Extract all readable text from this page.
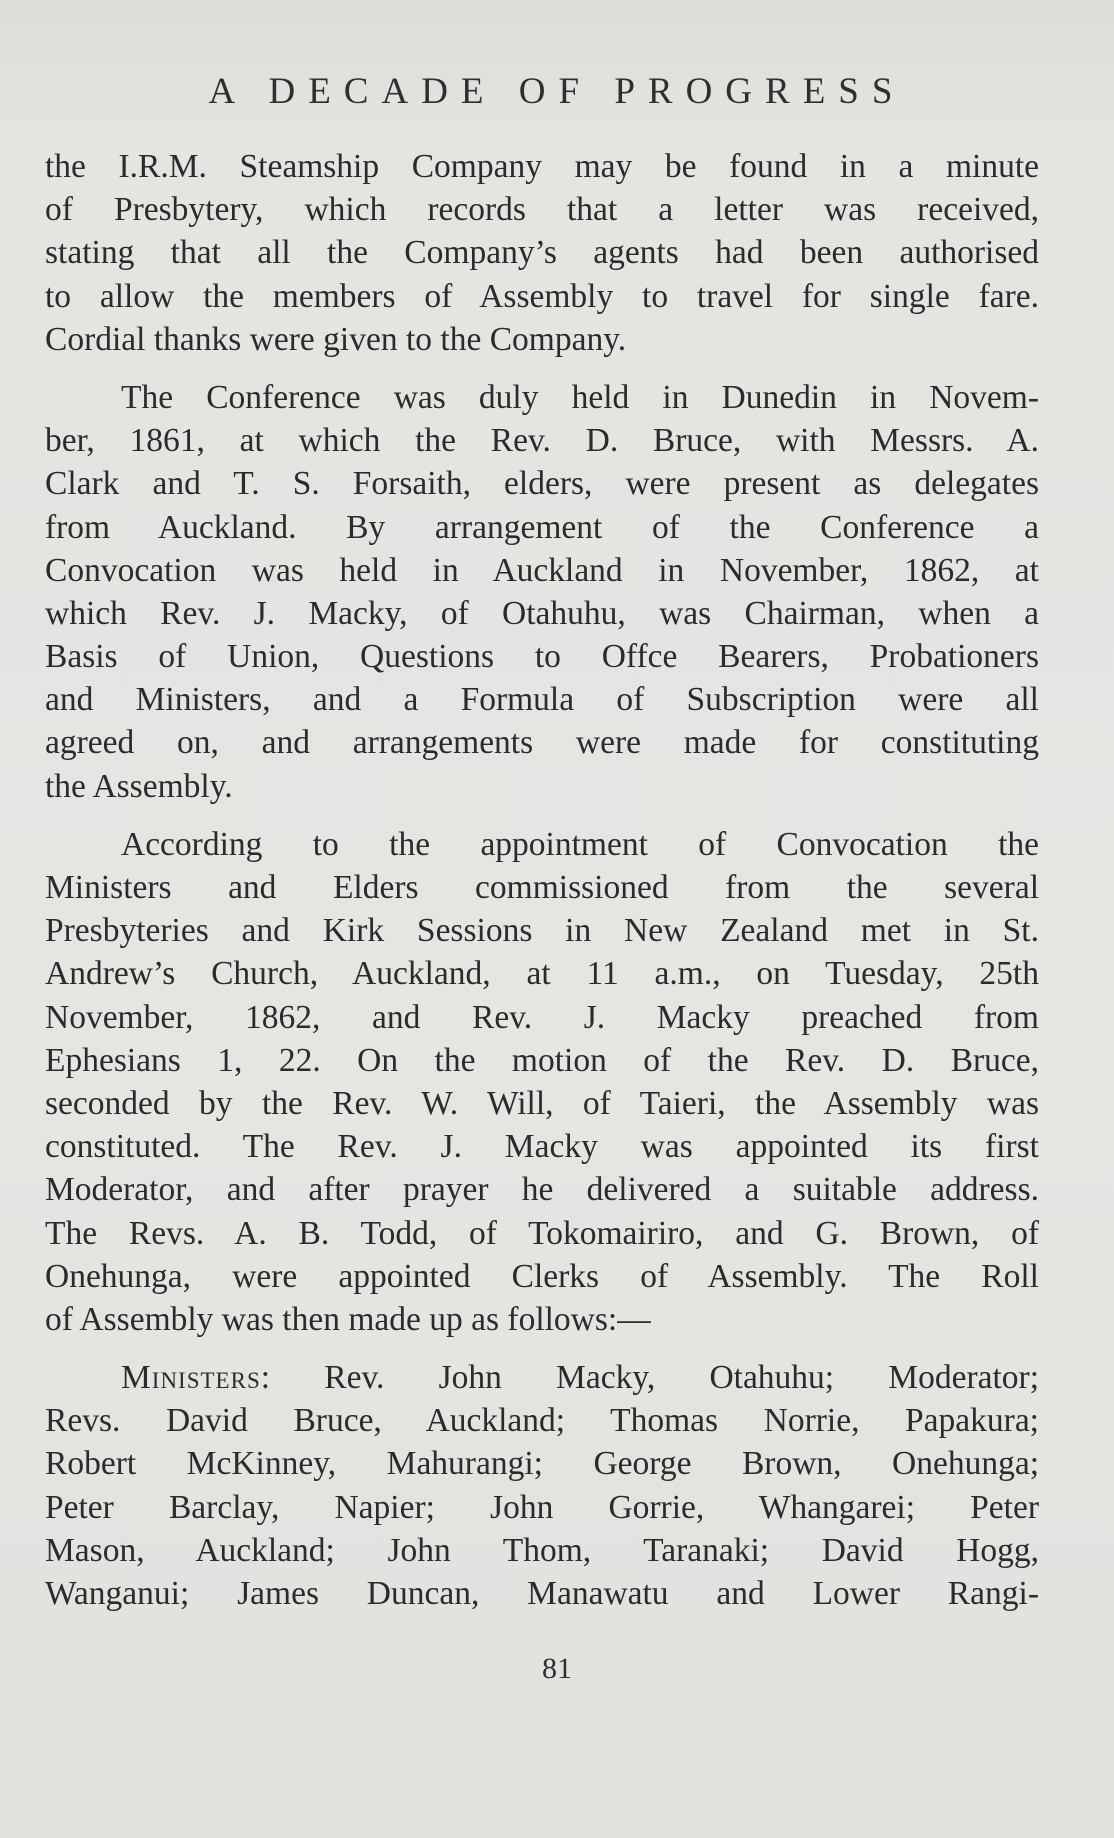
A DECADE OF PROGRESS
the I.R.M. Steamship Company may be found in a minute
of Presbytery, which records that a letter was received,
stating that all the Company’s agents had been authorised
to allow the members of Assembly to travel for single fare.
Cordial thanks were given to the Company.
The Conference was duly held in Dunedin in Novem-
ber, 1861, at which the Rev. D. Bruce, with Messrs. A.
Clark and T. S. Forsaith, elders, were present as delegates
from Auckland. By arrangement of the Conference a
Convocation was held in Auckland in November, 1862, at
which Rev. J. Macky, of Otahuhu, was Chairman, when a
Basis of Union, Questions to Offce Bearers, Probationers
and Ministers, and a Formula of Subscription were all
agreed on, and arrangements were made for constituting
the Assembly.
According to the appointment of Convocation the
Ministers and Elders commissioned from the several
Presbyteries and Kirk Sessions in New Zealand met in St.
Andrew’s Church, Auckland, at 11 a.m., on Tuesday, 25th
November, 1862, and Rev. J. Macky preached from
Ephesians 1, 22. On the motion of the Rev. D. Bruce,
seconded by the Rev. W. Will, of Taieri, the Assembly was
constituted. The Rev. J. Macky was appointed its first
Moderator, and after prayer he delivered a suitable address.
The Revs. A. B. Todd, of Tokomairiro, and G. Brown, of
Onehunga, were appointed Clerks of Assembly. The Roll
of Assembly was then made up as follows:—
Ministers: Rev. John Macky, Otahuhu; Moderator;
Revs. David Bruce, Auckland; Thomas Norrie, Papakura;
Robert McKinney, Mahurangi; George Brown, Onehunga;
Peter Barclay, Napier; John Gorrie, Whangarei; Peter
Mason, Auckland; John Thom, Taranaki; David Hogg,
Wanganui; James Duncan, Manawatu and Lower Rangi-
81
